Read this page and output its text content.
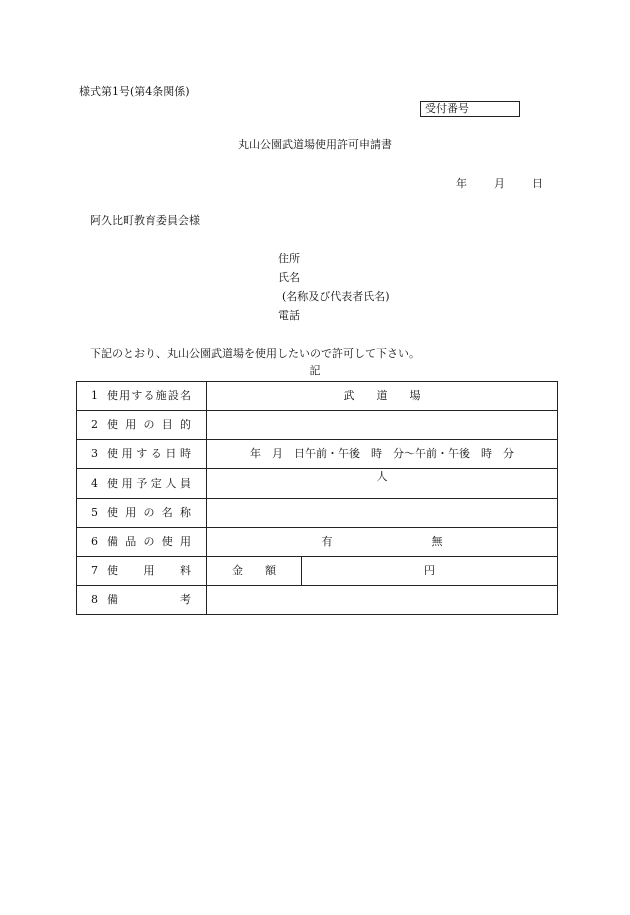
様式第1号(第4条関係)
受付番号
丸山公園武道場使用許可申請書
年 月 日
阿久比町教育委員会様
住所
氏名
(名称及び代表者氏名)
電話
下記のとおり、丸山公園武道場を使用したいので許可して下さい。
記
1 使用する施設名	武　　道　　場	
2 使 用 の 目 的		
3 使用する日時	年　月　日午前・午後　時　分〜午前・午後　時　分	
4 使用予定人員	人	
5 使 用 の 名 称		
6 備 品 の 使 用	有　　　　　　　　　無	
7 使　　用　　料	金　　額	円
8 備　　　　考		
